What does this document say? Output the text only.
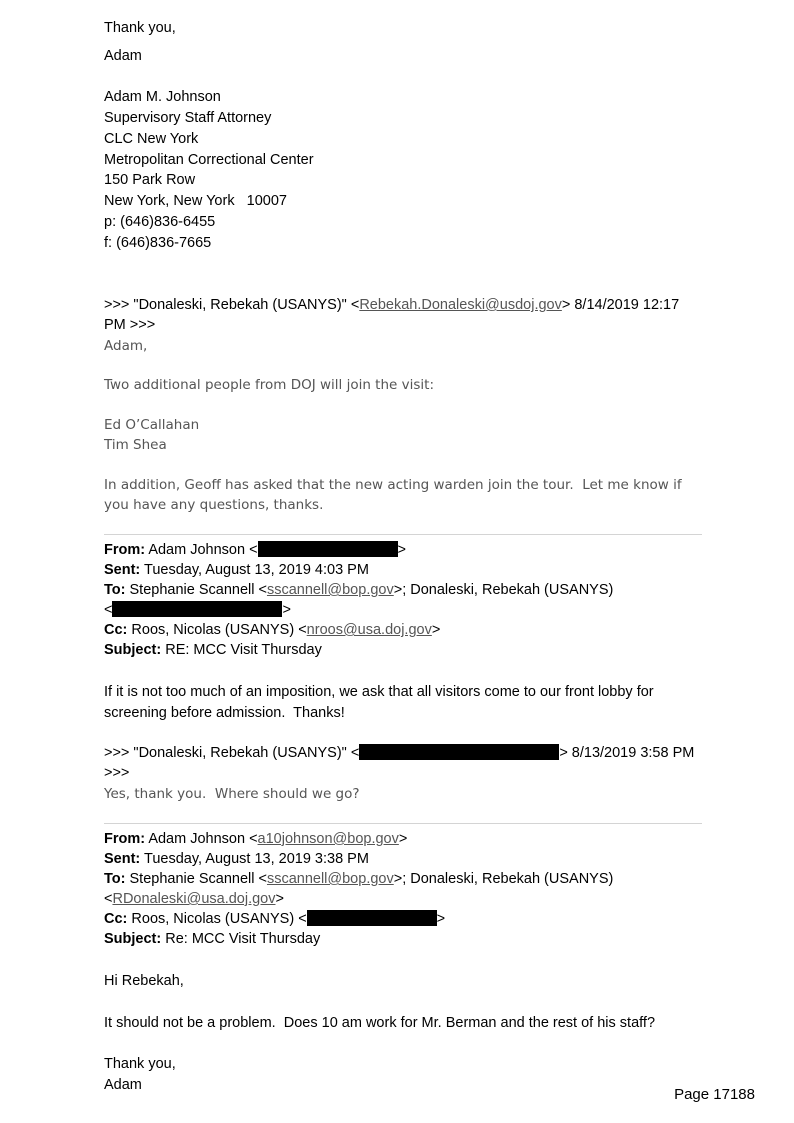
Thank you,
Adam
Adam M. Johnson
Supervisory Staff Attorney
CLC New York
Metropolitan Correctional Center
150 Park Row
New York, New York   10007
p: (646)836-6455
f: (646)836-7665
>>> "Donaleski, Rebekah (USANYS)" <Rebekah.Donaleski@usdoj.gov> 8/14/2019 12:17
PM >>>
Adam,
Two additional people from DOJ will join the visit:
Ed O’Callahan
Tim Shea
In addition, Geoff has asked that the new acting warden join the tour.  Let me know if
you have any questions, thanks.
From: Adam Johnson <	>
Sent: Tuesday, August 13, 2019 4:03 PM
To: Stephanie Scannell <sscannell@bop.gov>; Donaleski, Rebekah (USANYS)
<	>
Cc: Roos, Nicolas (USANYS) <nroos@usa.doj.gov>
Subject: RE: MCC Visit Thursday
If it is not too much of an imposition, we ask that all visitors come to our front lobby for
screening before admission.  Thanks!
>>> "Donaleski, Rebekah (USANYS)" <	> 8/13/2019 3:58 PM
>>>
Yes, thank you.  Where should we go?
From: Adam Johnson <a10johnson@bop.gov>
Sent: Tuesday, August 13, 2019 3:38 PM
To: Stephanie Scannell <sscannell@bop.gov>; Donaleski, Rebekah (USANYS)
<RDonaleski@usa.doj.gov>
Cc: Roos, Nicolas (USANYS) <	>
Subject: Re: MCC Visit Thursday
Hi Rebekah,
It should not be a problem.  Does 10 am work for Mr. Berman and the rest of his staff?
Thank you,
Adam
Page 17188
